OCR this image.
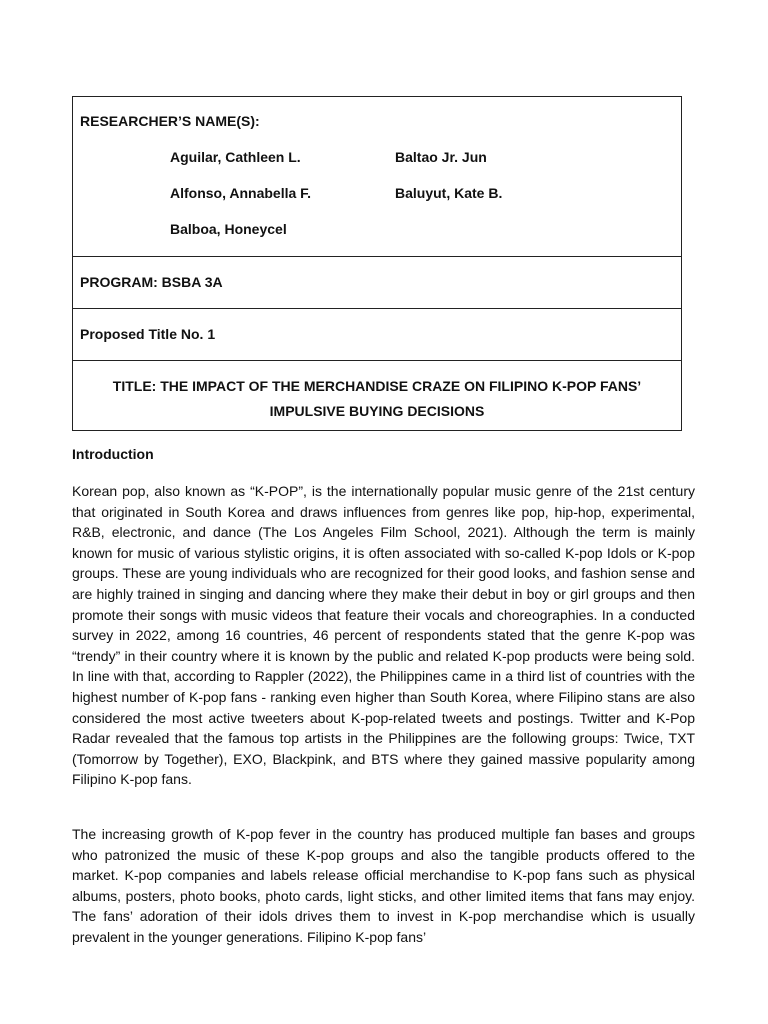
RESEARCHER’S NAME(S):
Aguilar, Cathleen L.	Baltao Jr. Jun
Alfonso, Annabella F.	Baluyut, Kate B.
Balboa, Honeycel
PROGRAM: BSBA 3A
Proposed Title No. 1
TITLE: THE IMPACT OF THE MERCHANDISE CRAZE ON FILIPINO K-POP FANS’
IMPULSIVE BUYING DECISIONS
Introduction

Korean pop, also known as “K-POP”, is the internationally popular music genre of the 21st century that originated in South Korea and draws influences from genres like pop, hip-hop, experimental, R&B, electronic, and dance (The Los Angeles Film School, 2021). Although the term is mainly known for music of various stylistic origins, it is often associated with so-called K-pop Idols or K-pop groups. These are young individuals who are recognized for their good looks, and fashion sense and are highly trained in singing and dancing where they make their debut in boy or girl groups and then promote their songs with music videos that feature their vocals and choreographies. In a conducted survey in 2022, among 16 countries, 46 percent of respondents stated that the genre K-pop was “trendy” in their country where it is known by the public and related K-pop products were being sold. In line with that, according to Rappler (2022), the Philippines came in a third list of countries with the highest number of K-pop fans - ranking even higher than South Korea, where Filipino stans are also considered the most active tweeters about K-pop-related tweets and postings. Twitter and K-Pop Radar revealed that the famous top artists in the Philippines are the following groups: Twice, TXT (Tomorrow by Together), EXO, Blackpink, and BTS where they gained massive popularity among Filipino K-pop fans.

The increasing growth of K-pop fever in the country has produced multiple fan bases and groups who patronized the music of these K-pop groups and also the tangible products offered to the market. K-pop companies and labels release official merchandise to K-pop fans such as physical albums, posters, photo books, photo cards, light sticks, and other limited items that fans may enjoy. The fans’ adoration of their idols drives them to invest in K-pop merchandise which is usually prevalent in the younger generations. Filipino K-pop fans’
